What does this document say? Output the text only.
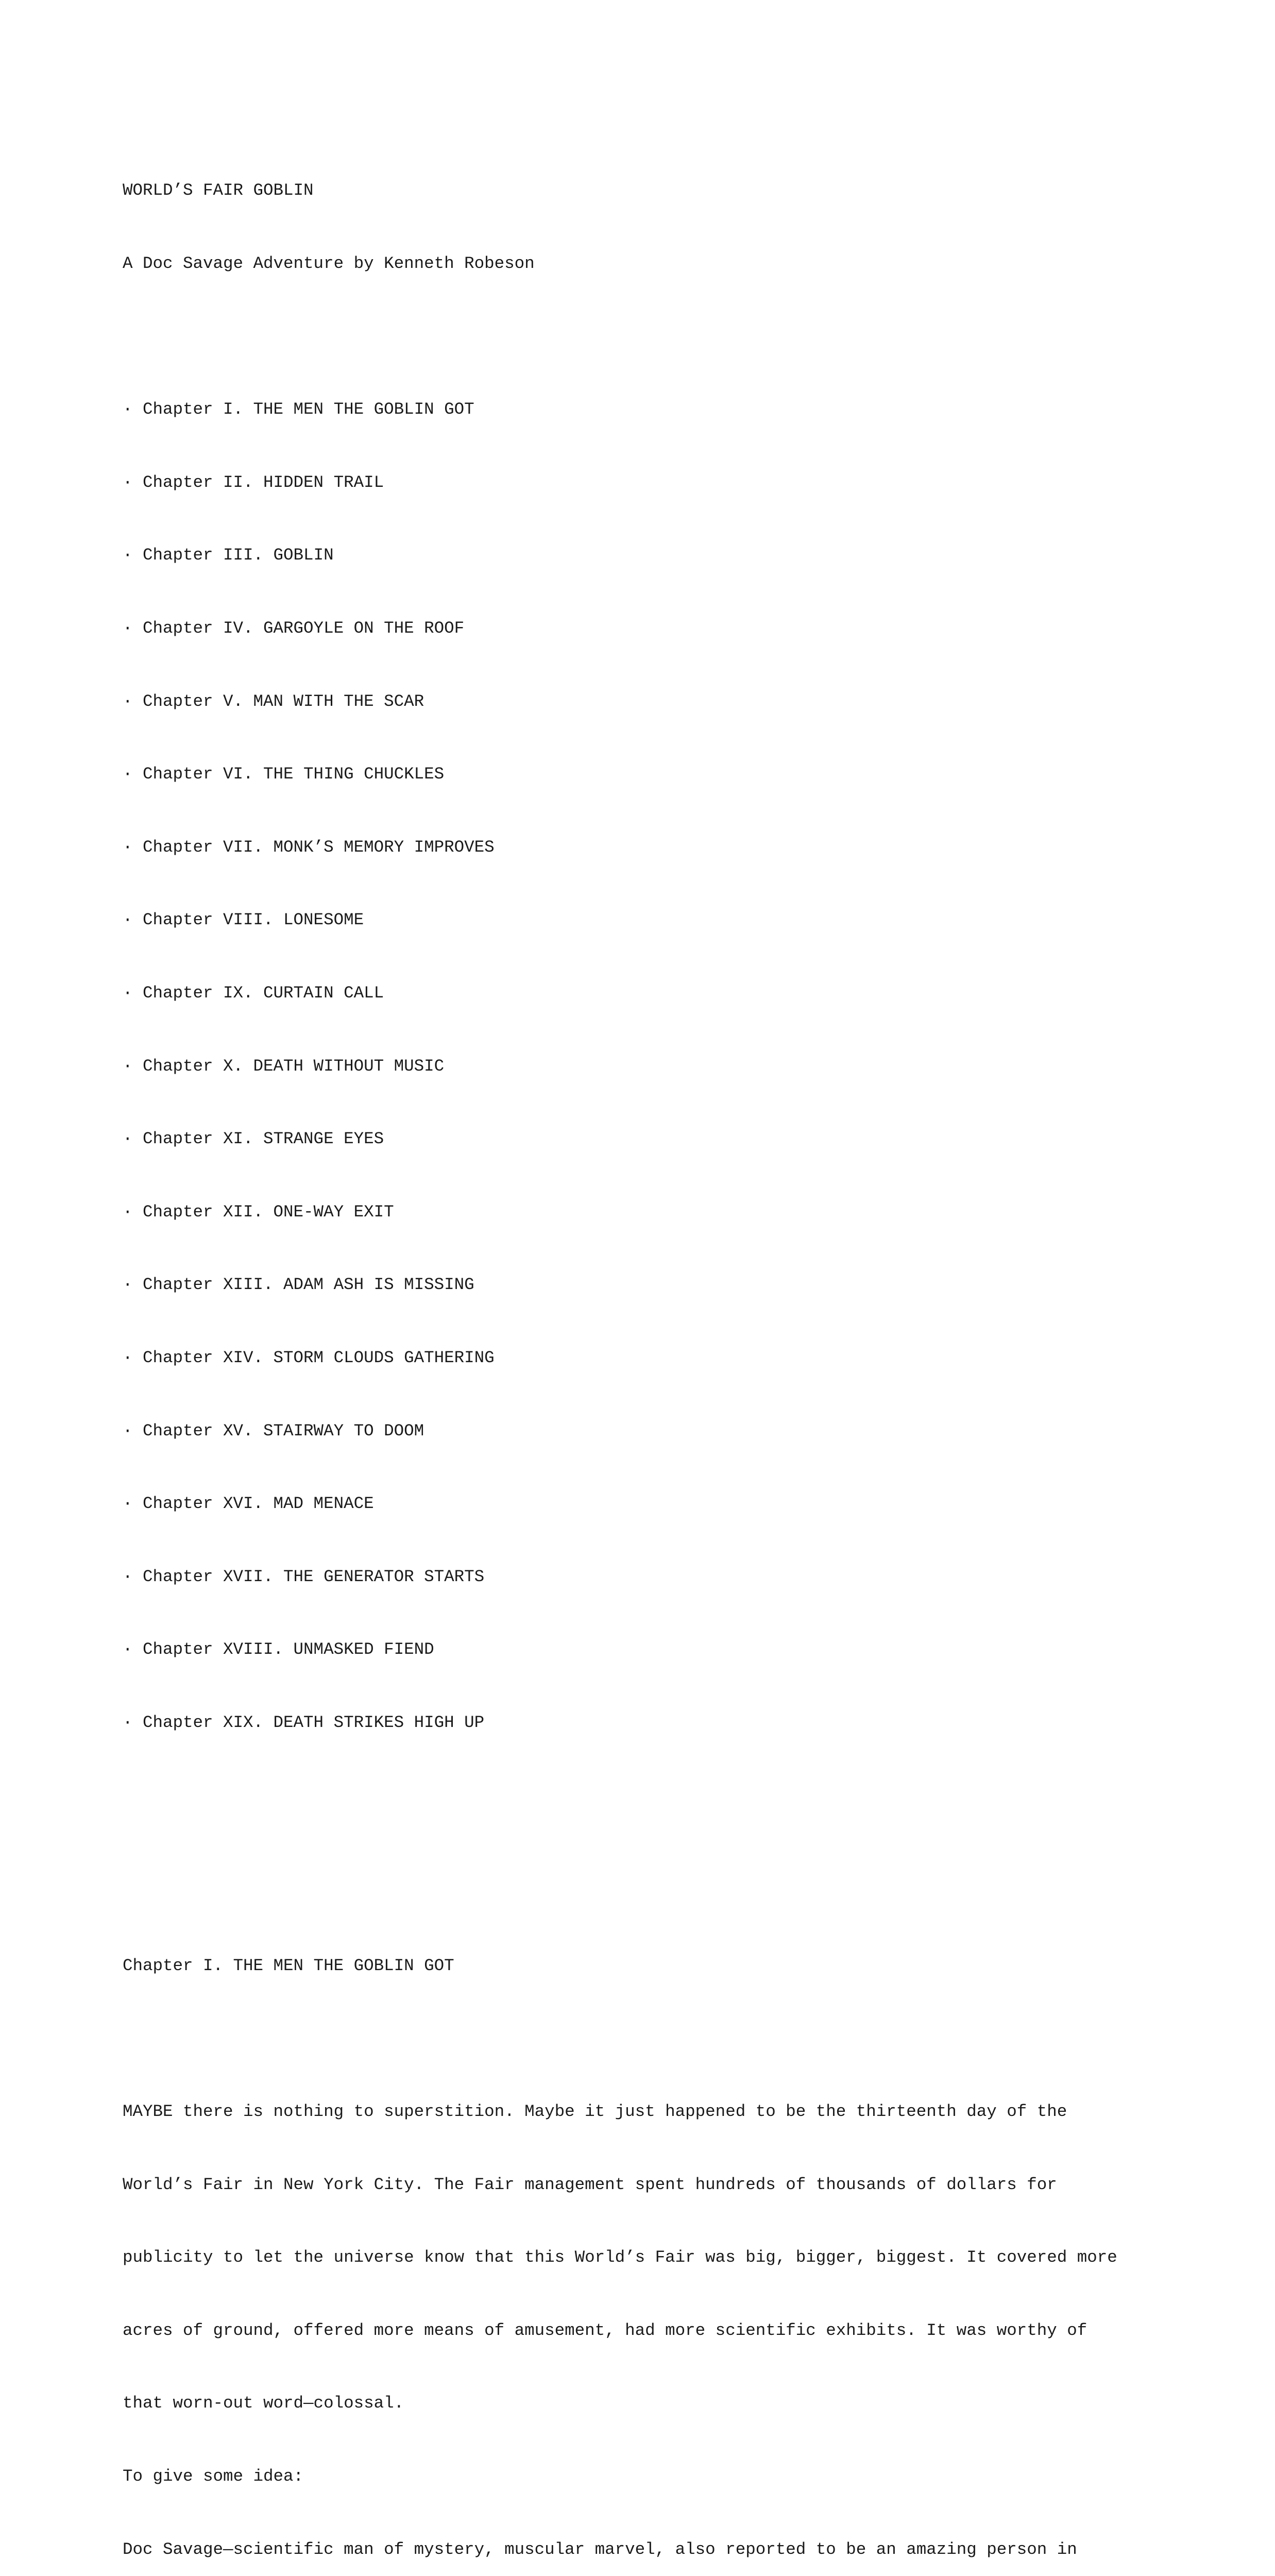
WORLD’S FAIR GOBLIN

A Doc Savage Adventure by Kenneth Robeson

· Chapter I. THE MEN THE GOBLIN GOT

· Chapter II. HIDDEN TRAIL

· Chapter III. GOBLIN

· Chapter IV. GARGOYLE ON THE ROOF

· Chapter V. MAN WITH THE SCAR

· Chapter VI. THE THING CHUCKLES

· Chapter VII. MONK’S MEMORY IMPROVES

· Chapter VIII. LONESOME

· Chapter IX. CURTAIN CALL

· Chapter X. DEATH WITHOUT MUSIC

· Chapter XI. STRANGE EYES

· Chapter XII. ONE-WAY EXIT

· Chapter XIII. ADAM ASH IS MISSING

· Chapter XIV. STORM CLOUDS GATHERING

· Chapter XV. STAIRWAY TO DOOM

· Chapter XVI. MAD MENACE

· Chapter XVII. THE GENERATOR STARTS

· Chapter XVIII. UNMASKED FIEND

· Chapter XIX. DEATH STRIKES HIGH UP

Chapter I. THE MEN THE GOBLIN GOT

MAYBE there is nothing to superstition. Maybe it just happened to be the thirteenth day of the

World’s Fair in New York City. The Fair management spent hundreds of thousands of dollars for

publicity to let the universe know that this World’s Fair was big, bigger, biggest. It covered more

acres of ground, offered more means of amusement, had more scientific exhibits. It was worthy of

that worn-out word—colossal.

To give some idea:

Doc Savage—scientific man of mystery, muscular marvel, also reported to be an amazing person in
